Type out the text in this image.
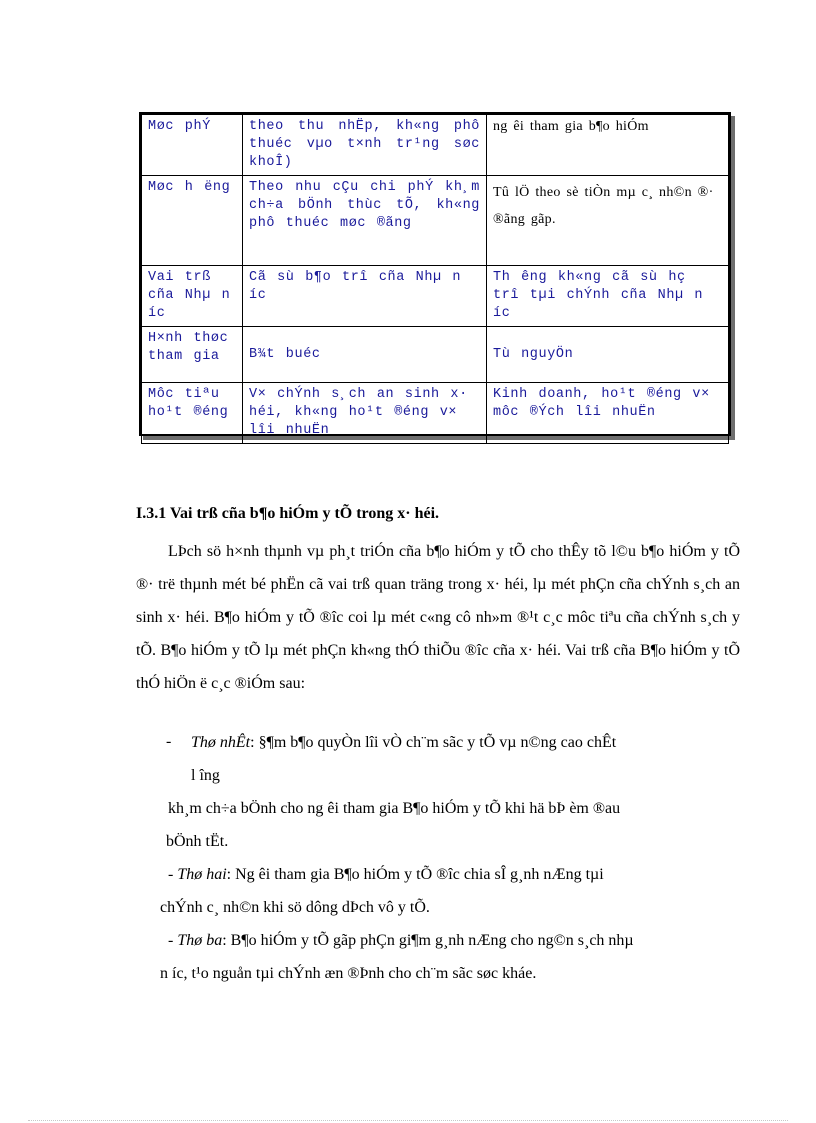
Møc phÝ	theo thu nhËp, kh«ng phô thuéc vµo t×nh tr¹ng søc khoÎ)	ng êi tham gia b¶o hiÓm
Møc h ëng	Theo nhu cÇu chi phÝ kh¸m ch÷a bÖnh thùc tÕ, kh«ng phô thuéc møc ®ãng	Tû lÖ theo sè tiÒn mµ c¸ nh©n ®·
®ãng gãp.

Vai trß cña Nhµ n íc	Cã sù b¶o trî cña Nhµ n íc	Th êng kh«ng cã sù hç trî tµi chÝnh cña Nhµ n íc
H×nh thøc tham gia	B¾t buéc	Tù nguyÖn
Môc tiªu ho¹t ®éng	V× chÝnh s¸ch an sinh x· héi, kh«ng ho¹t ®éng v× lîi nhuËn	Kinh doanh, ho¹t ®éng v× môc ®Ých lîi nhuËn
I.3.1 Vai trß cña b¶o hiÓm y tÕ trong x· héi.
LÞch sö h×nh thµnh vµ ph¸t triÓn cña b¶o hiÓm y tÕ cho thÊy tõ l©u b¶o hiÓm y tÕ ®· trë thµnh mét bé phËn cã vai trß quan träng trong x· héi, lµ mét phÇn cña chÝnh s¸ch an sinh x· héi. B¶o hiÓm y tÕ ®îc coi lµ mét c«ng cô nh»m ®¹t c¸c môc tiªu cña chÝnh s¸ch y tÕ. B¶o hiÓm y tÕ lµ mét phÇn kh«ng thÓ thiÕu ®îc cña x· héi. Vai trß cña B¶o hiÓm y tÕ thÓ hiÖn ë c¸c ®iÓm sau:
- Thø nhÊt: §¶m b¶o quyÒn lîi vÒ ch¨m sãc y tÕ vµ n©ng cao chÊt
l îng
kh¸m ch÷a bÖnh cho ng êi tham gia B¶o hiÓm y tÕ khi hä bÞ èm ®au
bÖnh tËt.
- Thø hai: Ng êi tham gia B¶o hiÓm y tÕ ®îc chia sÎ g¸nh nÆng tµi
chÝnh c¸ nh©n khi sö dông dÞch vô y tÕ.
- Thø ba: B¶o hiÓm y tÕ gãp phÇn gi¶m g¸nh nÆng cho ng©n s¸ch nhµ
n íc, t¹o nguån tµi chÝnh æn ®Þnh cho ch¨m sãc søc kháe.
